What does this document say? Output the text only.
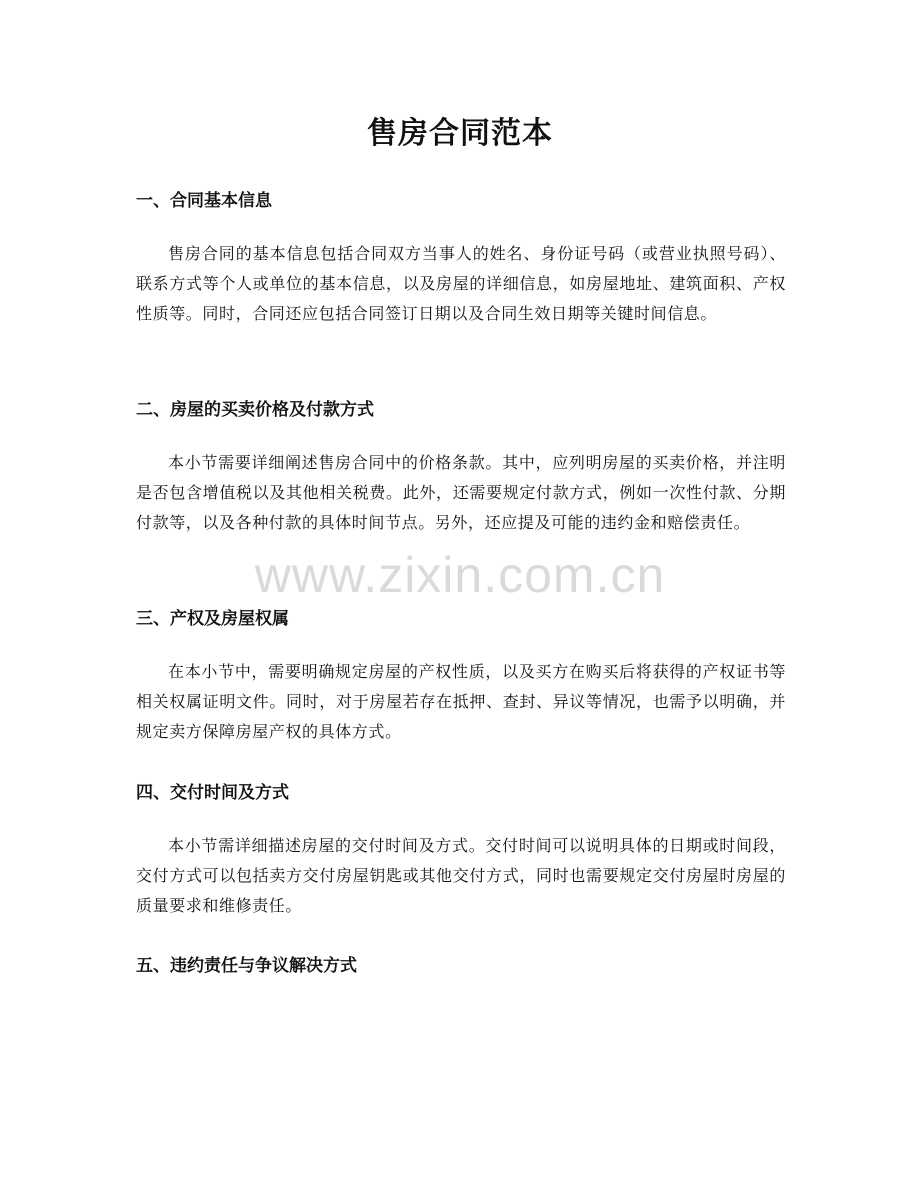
售房合同范本
一、合同基本信息

售房合同的基本信息包括合同双方当事人的姓名、身份证号码（或营业执照号码）、联系方式等个人或单位的基本信息，以及房屋的详细信息，如房屋地址、建筑面积、产权性质等。同时，合同还应包括合同签订日期以及合同生效日期等关键时间信息。

二、房屋的买卖价格及付款方式

本小节需要详细阐述售房合同中的价格条款。其中，应列明房屋的买卖价格，并注明是否包含增值税以及其他相关税费。此外，还需要规定付款方式，例如一次性付款、分期付款等，以及各种付款的具体时间节点。另外，还应提及可能的违约金和赔偿责任。

三、产权及房屋权属

在本小节中，需要明确规定房屋的产权性质，以及买方在购买后将获得的产权证书等相关权属证明文件。同时，对于房屋若存在抵押、查封、异议等情况，也需予以明确，并规定卖方保障房屋产权的具体方式。

四、交付时间及方式

本小节需详细描述房屋的交付时间及方式。交付时间可以说明具体的日期或时间段，交付方式可以包括卖方交付房屋钥匙或其他交付方式，同时也需要规定交付房屋时房屋的质量要求和维修责任。

五、违约责任与争议解决方式
www.zixin.com.cn
